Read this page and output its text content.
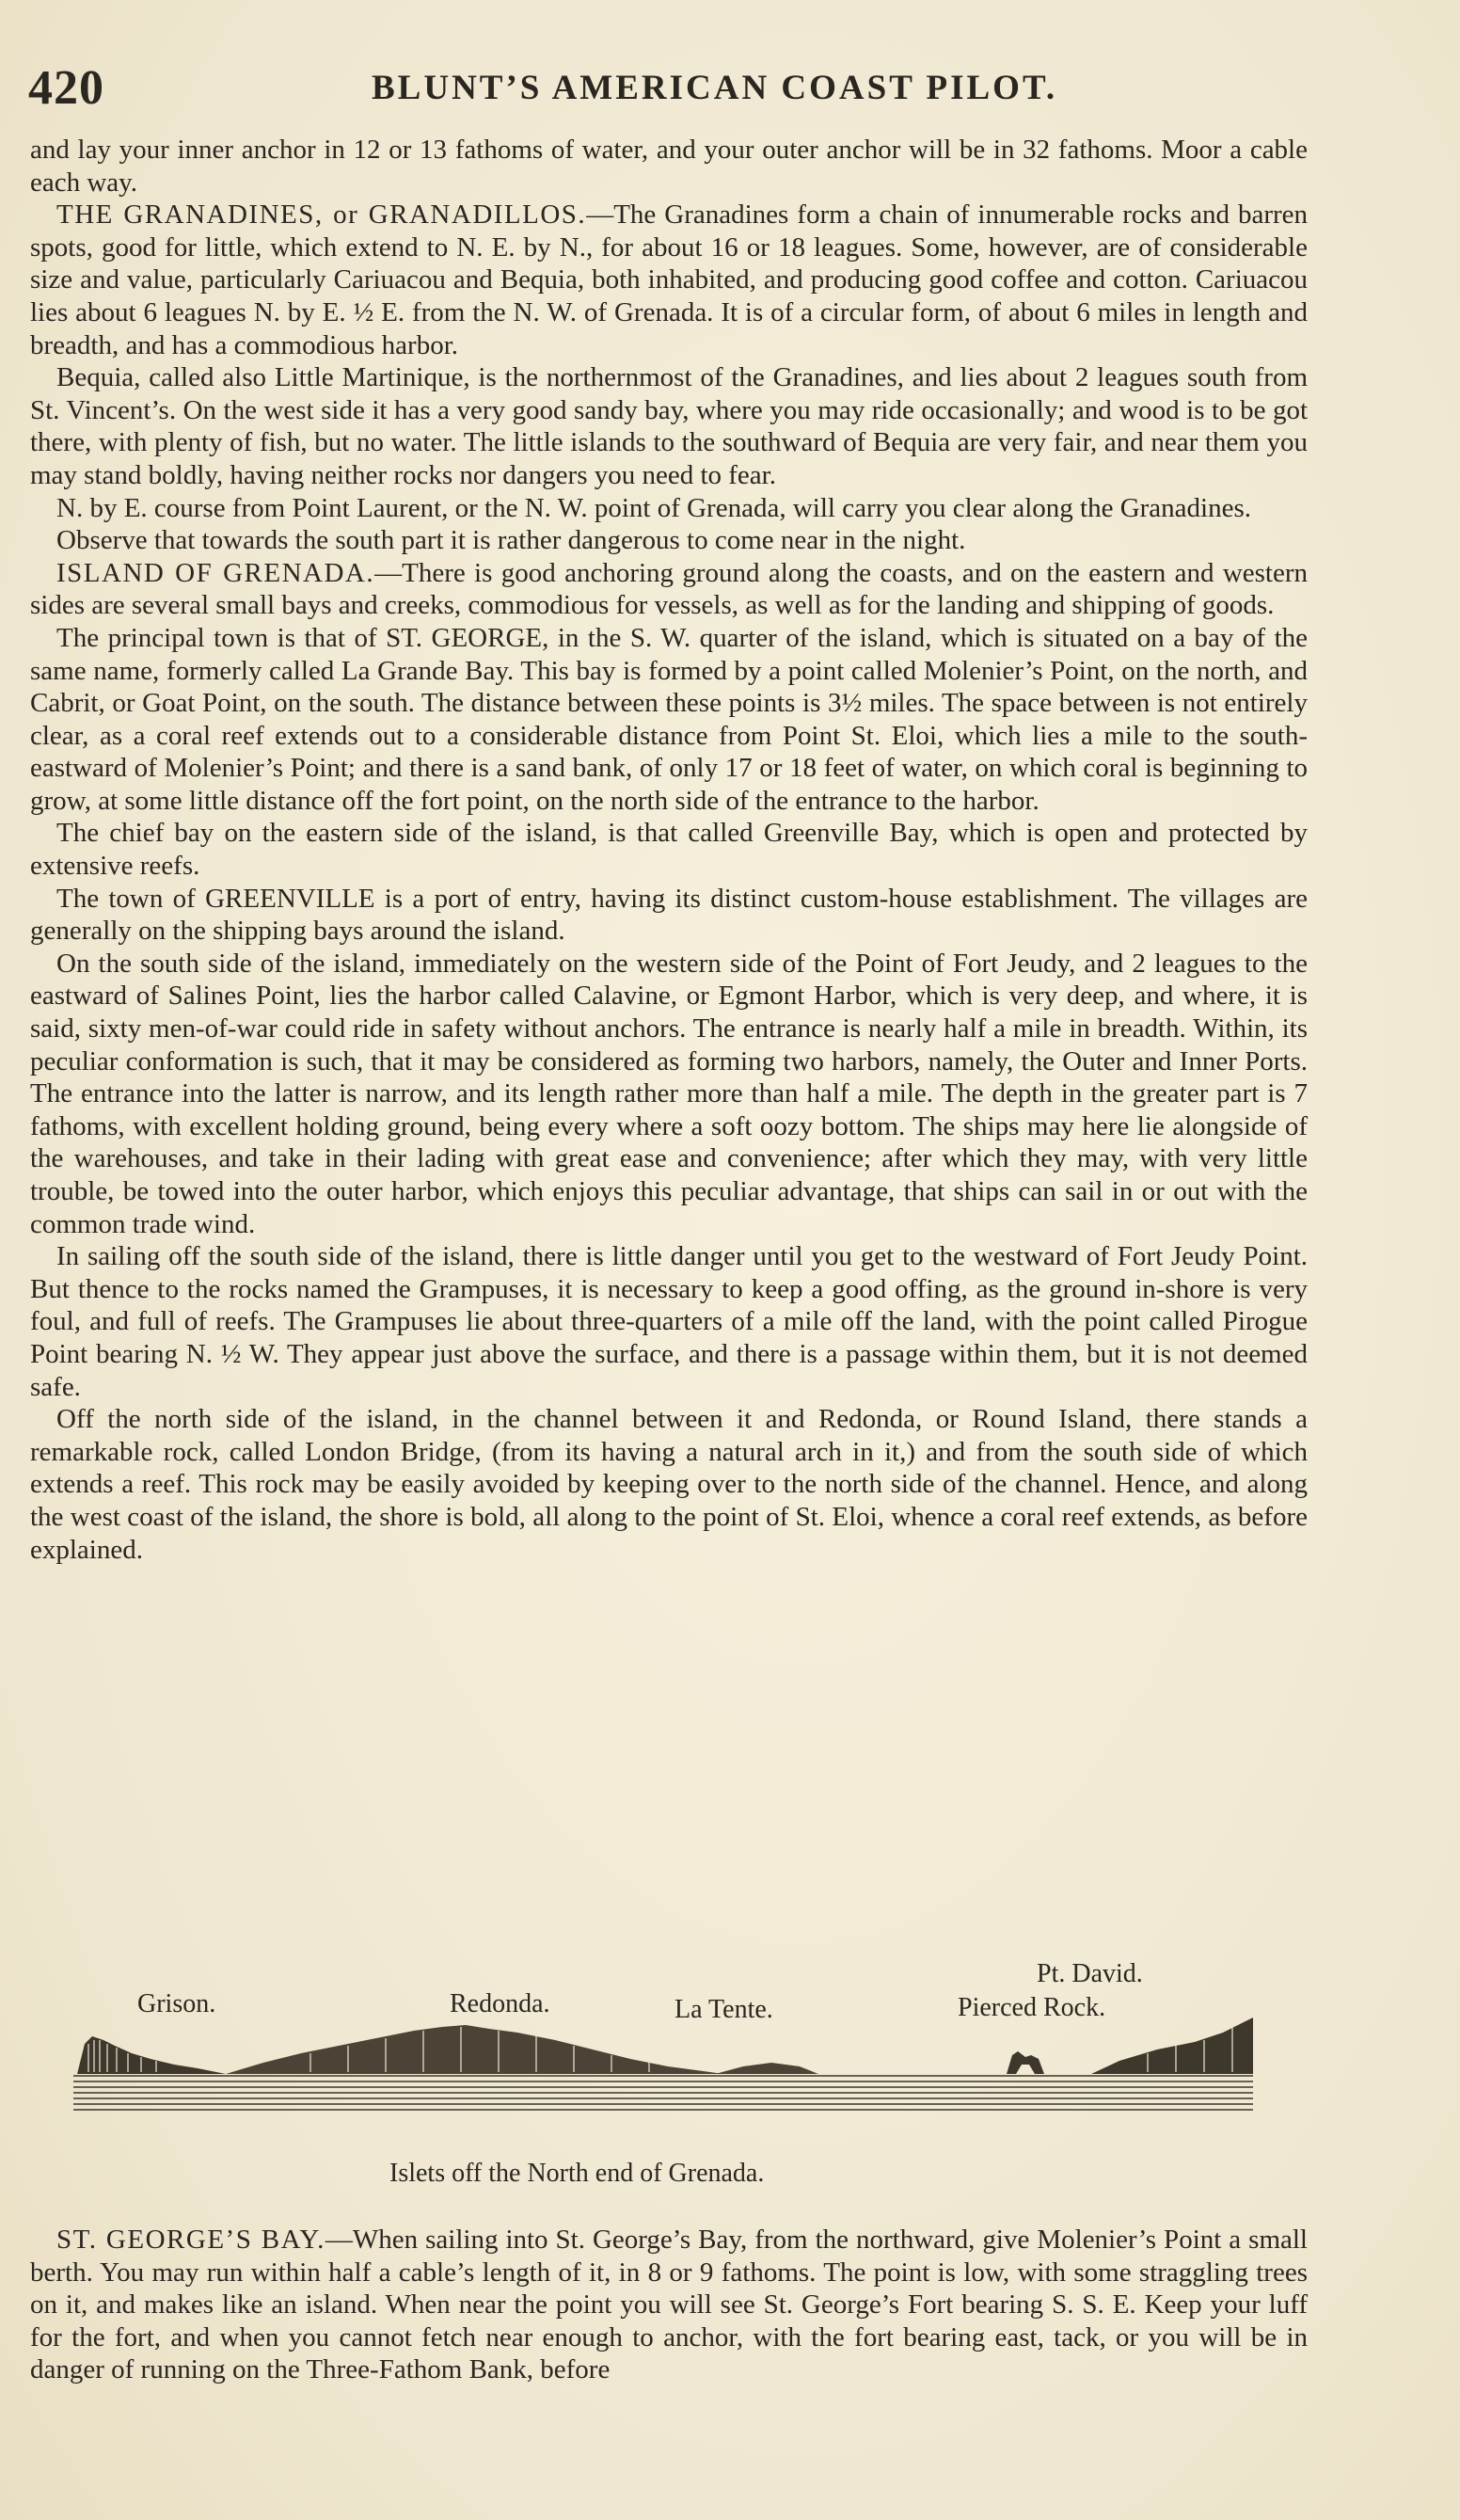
420	BLUNT’S AMERICAN COAST PILOT.

and lay your inner anchor in 12 or 13 fathoms of water, and your outer anchor will be in 32 fathoms. Moor a cable each way.

THE GRANADINES, or GRANADILLOS.—The Granadines form a chain of innumerable rocks and barren spots, good for little, which extend to N. E. by N., for about 16 or 18 leagues. Some, however, are of considerable size and value, particularly Cariuacou and Bequia, both inhabited, and producing good coffee and cotton. Cariuacou lies about 6 leagues N. by E. ½ E. from the N. W. of Grenada. It is of a circular form, of about 6 miles in length and breadth, and has a commodious harbor.

Bequia, called also Little Martinique, is the northernmost of the Granadines, and lies about 2 leagues south from St. Vincent’s. On the west side it has a very good sandy bay, where you may ride occasionally; and wood is to be got there, with plenty of fish, but no water. The little islands to the southward of Bequia are very fair, and near them you may stand boldly, having neither rocks nor dangers you need to fear.

N. by E. course from Point Laurent, or the N. W. point of Grenada, will carry you clear along the Granadines.

Observe that towards the south part it is rather dangerous to come near in the night.

ISLAND OF GRENADA.—There is good anchoring ground along the coasts, and on the eastern and western sides are several small bays and creeks, commodious for vessels, as well as for the landing and shipping of goods.

The principal town is that of ST. GEORGE, in the S. W. quarter of the island, which is situated on a bay of the same name, formerly called La Grande Bay. This bay is formed by a point called Molenier’s Point, on the north, and Cabrit, or Goat Point, on the south. The distance between these points is 3½ miles. The space between is not entirely clear, as a coral reef extends out to a considerable distance from Point St. Eloi, which lies a mile to the south-eastward of Molenier’s Point; and there is a sand bank, of only 17 or 18 feet of water, on which coral is beginning to grow, at some little distance off the fort point, on the north side of the entrance to the harbor.

The chief bay on the eastern side of the island, is that called Greenville Bay, which is open and protected by extensive reefs.

The town of GREENVILLE is a port of entry, having its distinct custom-house establishment. The villages are generally on the shipping bays around the island.

On the south side of the island, immediately on the western side of the Point of Fort Jeudy, and 2 leagues to the eastward of Salines Point, lies the harbor called Calavine, or Egmont Harbor, which is very deep, and where, it is said, sixty men-of-war could ride in safety without anchors. The entrance is nearly half a mile in breadth. Within, its peculiar conformation is such, that it may be considered as forming two harbors, namely, the Outer and Inner Ports. The entrance into the latter is narrow, and its length rather more than half a mile. The depth in the greater part is 7 fathoms, with excellent holding ground, being every where a soft oozy bottom. The ships may here lie alongside of the warehouses, and take in their lading with great ease and convenience; after which they may, with very little trouble, be towed into the outer harbor, which enjoys this peculiar advantage, that ships can sail in or out with the common trade wind.

In sailing off the south side of the island, there is little danger until you get to the westward of Fort Jeudy Point. But thence to the rocks named the Grampuses, it is necessary to keep a good offing, as the ground in-shore is very foul, and full of reefs. The Grampuses lie about three-quarters of a mile off the land, with the point called Pirogue Point bearing N. ½ W. They appear just above the surface, and there is a passage within them, but it is not deemed safe.

Off the north side of the island, in the channel between it and Redonda, or Round Island, there stands a remarkable rock, called London Bridge, (from its having a natural arch in it,) and from the south side of which extends a reef. This rock may be easily avoided by keeping over to the north side of the channel. Hence, and along the west coast of the island, the shore is bold, all along to the point of St. Eloi, whence a coral reef extends, as before explained.

Pt. David.
Grison.	Redonda.	La Tente.	Pierced Rock.
Islets off the North end of Grenada.

ST. GEORGE’S BAY.—When sailing into St. George’s Bay, from the northward, give Molenier’s Point a small berth. You may run within half a cable’s length of it, in 8 or 9 fathoms. The point is low, with some straggling trees on it, and makes like an island. When near the point you will see St. George’s Fort bearing S. S. E. Keep your luff for the fort, and when you cannot fetch near enough to anchor, with the fort bearing east, tack, or you will be in danger of running on the Three-Fathom Bank, before
